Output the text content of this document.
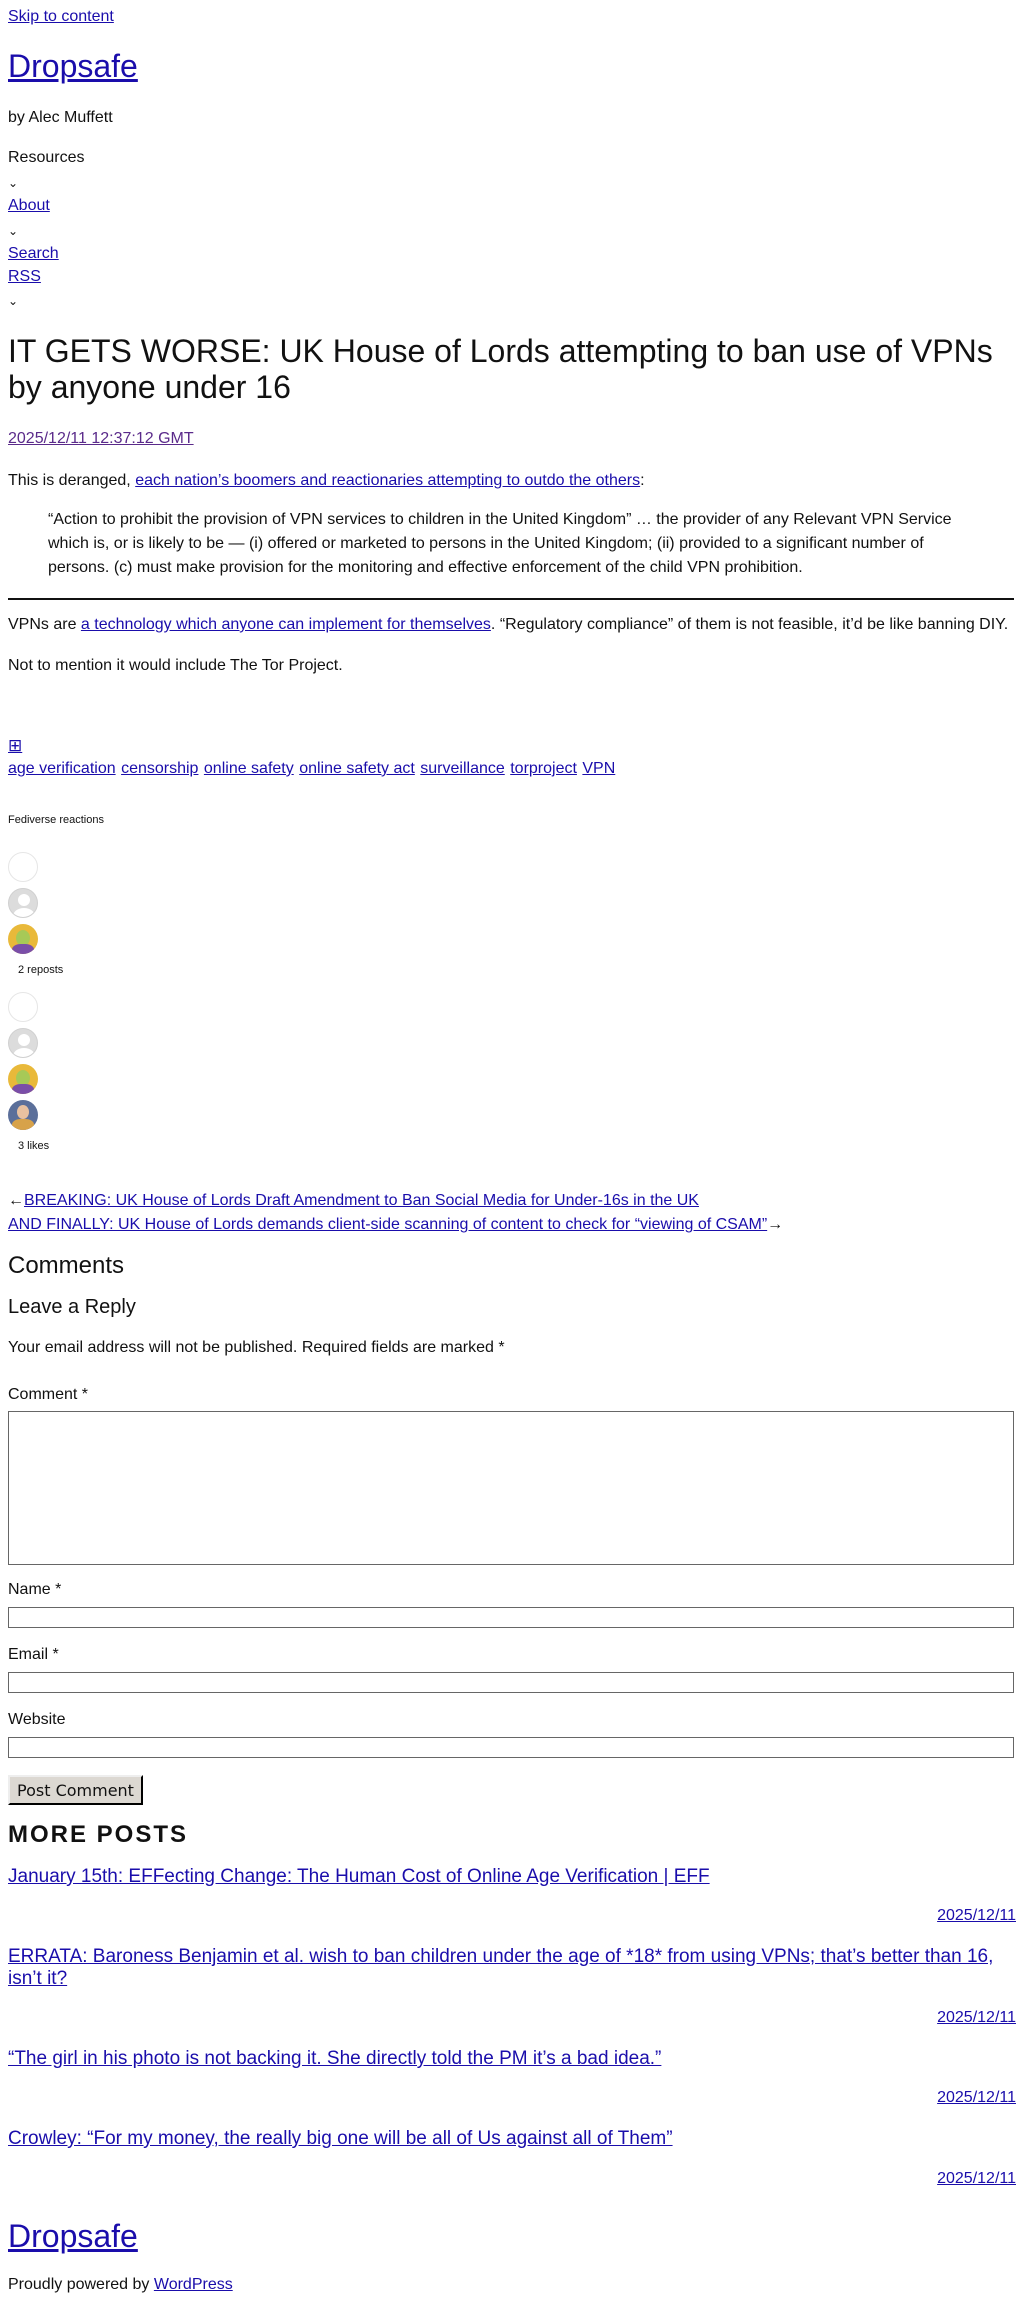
Skip to content
Dropsafe
by Alec Muffett
Resources
⌄
About
⌄
Search
RSS
⌄
IT GETS WORSE: UK House of Lords attempting to ban use of VPNs by anyone under 16
2025/12/11 12:37:12 GMT

This is deranged, each nation’s boomers and reactionaries attempting to outdo the others:

“Action to prohibit the provision of VPN services to children in the United Kingdom” … the provider of any Relevant VPN Service which is, or is likely to be — (i) offered or marketed to persons in the United Kingdom; (ii) provided to a significant number of persons. (c) must make provision for the monitoring and effective enforcement of the child VPN prohibition.

VPNs are a technology which anyone can implement for themselves. “Regulatory compliance” of them is not feasible, it’d be like banning DIY.

Not to mention it would include The Tor Project.

⊞
age verification censorship online safety online safety act surveillance torproject VPN
Fediverse reactions
2 reposts
3 likes
←BREAKING: UK House of Lords Draft Amendment to Ban Social Media for Under-16s in the UK
AND FINALLY: UK House of Lords demands client-side scanning of content to check for “viewing of CSAM”→
Comments
Leave a Reply
Your email address will not be published. Required fields are marked *
Comment *
Name *
Email *
Website
Post Comment
MORE POSTS
January 15th: EFFecting Change: The Human Cost of Online Age Verification | EFF
2025/12/11
ERRATA: Baroness Benjamin et al. wish to ban children under the age of *18* from using VPNs; that’s better than 16, isn’t it?
2025/12/11
“The girl in his photo is not backing it. She directly told the PM it’s a bad idea.”
2025/12/11
Crowley: “For my money, the really big one will be all of Us against all of Them”
2025/12/11
Dropsafe
Proudly powered by WordPress
